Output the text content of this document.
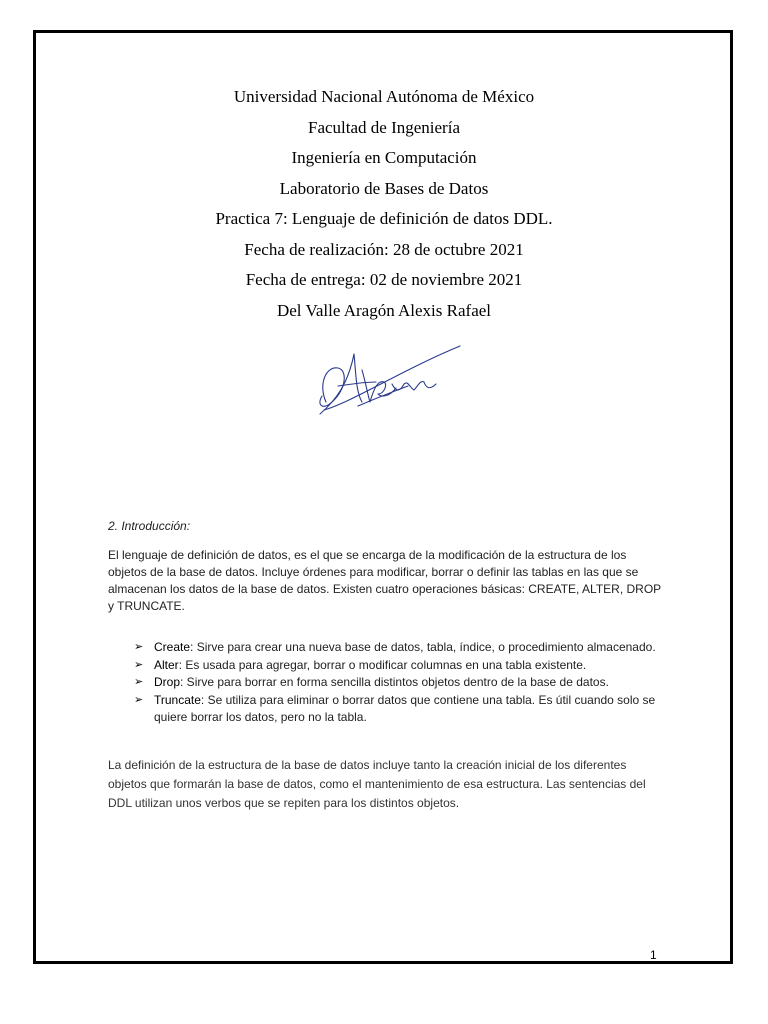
Universidad Nacional Autónoma de México
Facultad de Ingeniería
Ingeniería en Computación
Laboratorio de Bases de Datos
Practica 7: Lenguaje de definición de datos DDL.
Fecha de realización: 28 de octubre 2021
Fecha de entrega: 02 de noviembre 2021
Del Valle Aragón Alexis Rafael
2. Introducción:
El lenguaje de definición de datos, es el que se encarga de la modificación de la estructura de los objetos de la base de datos. Incluye órdenes para modificar, borrar o definir las tablas en las que se almacenan los datos de la base de datos. Existen cuatro operaciones básicas: CREATE, ALTER, DROP y TRUNCATE.
➢ Create: Sirve para crear una nueva base de datos, tabla, índice, o procedimiento almacenado.
➢ Alter: Es usada para agregar, borrar o modificar columnas en una tabla existente.
➢ Drop: Sirve para borrar en forma sencilla distintos objetos dentro de la base de datos.
➢ Truncate: Se utiliza para eliminar o borrar datos que contiene una tabla. Es útil cuando solo se quiere borrar los datos, pero no la tabla.
La definición de la estructura de la base de datos incluye tanto la creación inicial de los diferentes objetos que formarán la base de datos, como el mantenimiento de esa estructura. Las sentencias del DDL utilizan unos verbos que se repiten para los distintos objetos.
1
